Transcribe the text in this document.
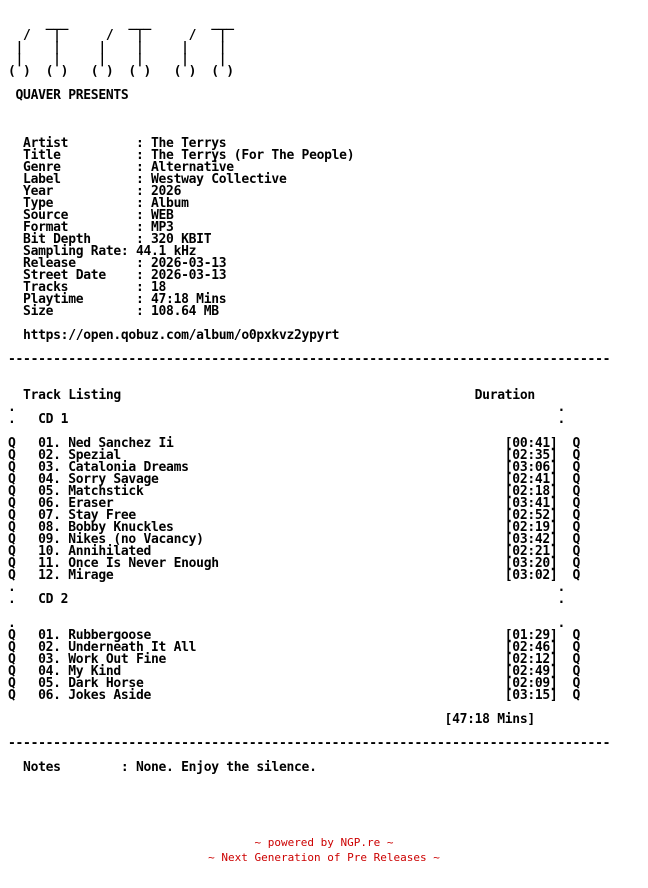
___        ___        ___
/   |      /   |      /   |
|    |     |    |     |    |
|    |     |    |     |    |
( )  ( )   ( )  ( )   ( )  ( )

QUAVER PRESENTS

Artist         : The Terrys
Title          : The Terrys (For The People)
Genre          : Alternative
Label          : Westway Collective
Year           : 2026
Type           : Album
Source         : WEB
Format         : MP3
Bit Depth      : 320 KBIT
Sampling Rate: 44.1 kHz
Release        : 2026-03-13
Street Date    : 2026-03-13
Tracks         : 18
Playtime       : 47:18 Mins
Size           : 108.64 MB

https://open.qobuz.com/album/o0pxkvz2ypyrt

--------------------------------------------------------------------------------

Track Listing                                               Duration
.                                                                        .
.   CD 1                                                                 .

Q   01. Ned Sanchez Ii                                            [00:41]  Q
Q   02. Spezial                                                   [02:35]  Q
Q   03. Catalonia Dreams                                          [03:06]  Q
Q   04. Sorry Savage                                              [02:41]  Q
Q   05. Matchstick                                                [02:18]  Q
Q   06. Eraser                                                    [03:41]  Q
Q   07. Stay Free                                                 [02:52]  Q
Q   08. Bobby Knuckles                                            [02:19]  Q
Q   09. Nikes (no Vacancy)                                        [03:42]  Q
Q   10. Annihilated                                               [02:21]  Q
Q   11. Once Is Never Enough                                      [03:20]  Q
Q   12. Mirage                                                    [03:02]  Q
.                                                                        .
.   CD 2                                                                 .

.                                                                        .
Q   01. Rubbergoose                                               [01:29]  Q
Q   02. Underneath It All                                         [02:46]  Q
Q   03. Work Out Fine                                             [02:12]  Q
Q   04. My Kind                                                   [02:49]  Q
Q   05. Dark Horse                                                [02:09]  Q
Q   06. Jokes Aside                                               [03:15]  Q

[47:18 Mins]

--------------------------------------------------------------------------------

Notes        : None. Enjoy the silence.
~ powered by NGP.re ~
~ Next Generation of Pre Releases ~
